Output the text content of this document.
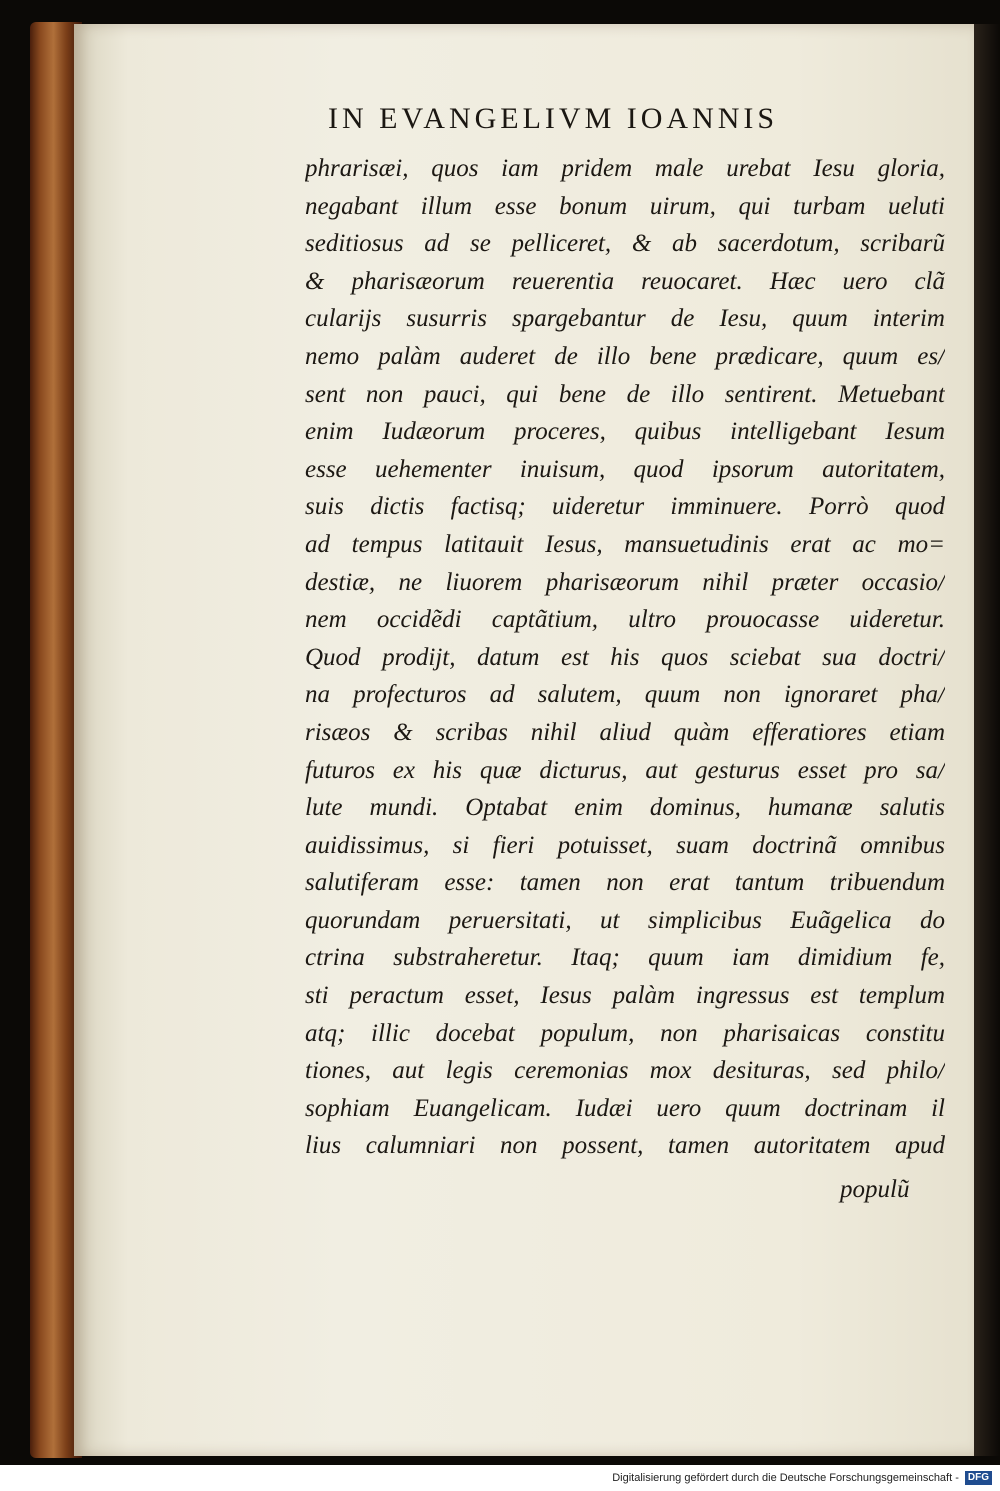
IN EVANGELIVM IOANNIS
phrarisæi, quos iam pridem male urebat Iesu gloria,
negabant illum esse bonum uirum, qui turbam ueluti
seditiosus ad se pelliceret, & ab sacerdotum, scribarũ
& pharisæorum reuerentia reuocaret. Hæc uero clã
cularijs susurris spargebantur de Iesu, quum interim
nemo palàm auderet de illo bene prædicare, quum es/
sent non pauci, qui bene de illo sentirent. Metuebant
enim Iudæorum proceres, quibus intelligebant Iesum
esse uehementer inuisum, quod ipsorum autoritatem,
suis dictis factisq; uideretur imminuere. Porrò quod
ad tempus latitauit Iesus, mansuetudinis erat ac mo=
destiæ, ne liuorem pharisæorum nihil præter occasio/
nem occidẽdi captãtium, ultro prouocasse uideretur.
Quod prodijt, datum est his quos sciebat sua doctri/
na profecturos ad salutem, quum non ignoraret pha/
risæos & scribas nihil aliud quàm efferatiores etiam
futuros ex his quæ dicturus, aut gesturus esset pro sa/
lute mundi. Optabat enim dominus, humanæ salutis
auidissimus, si fieri potuisset, suam doctrinã omnibus
salutiferam esse: tamen non erat tantum tribuendum
quorundam peruersitati, ut simplicibus Euãgelica do
ctrina substraheretur. Itaq; quum iam dimidium fe,
sti peractum esset, Iesus palàm ingressus est templum
atq; illic docebat populum, non pharisaicas constitu
tiones, aut legis ceremonias mox desituras, sed philo/
sophiam Euangelicam. Iudæi uero quum doctrinam il
lius calumniari non possent, tamen autoritatem apud
populũ
Digitalisierung gefördert durch die Deutsche Forschungsgemeinschaft - DFG
